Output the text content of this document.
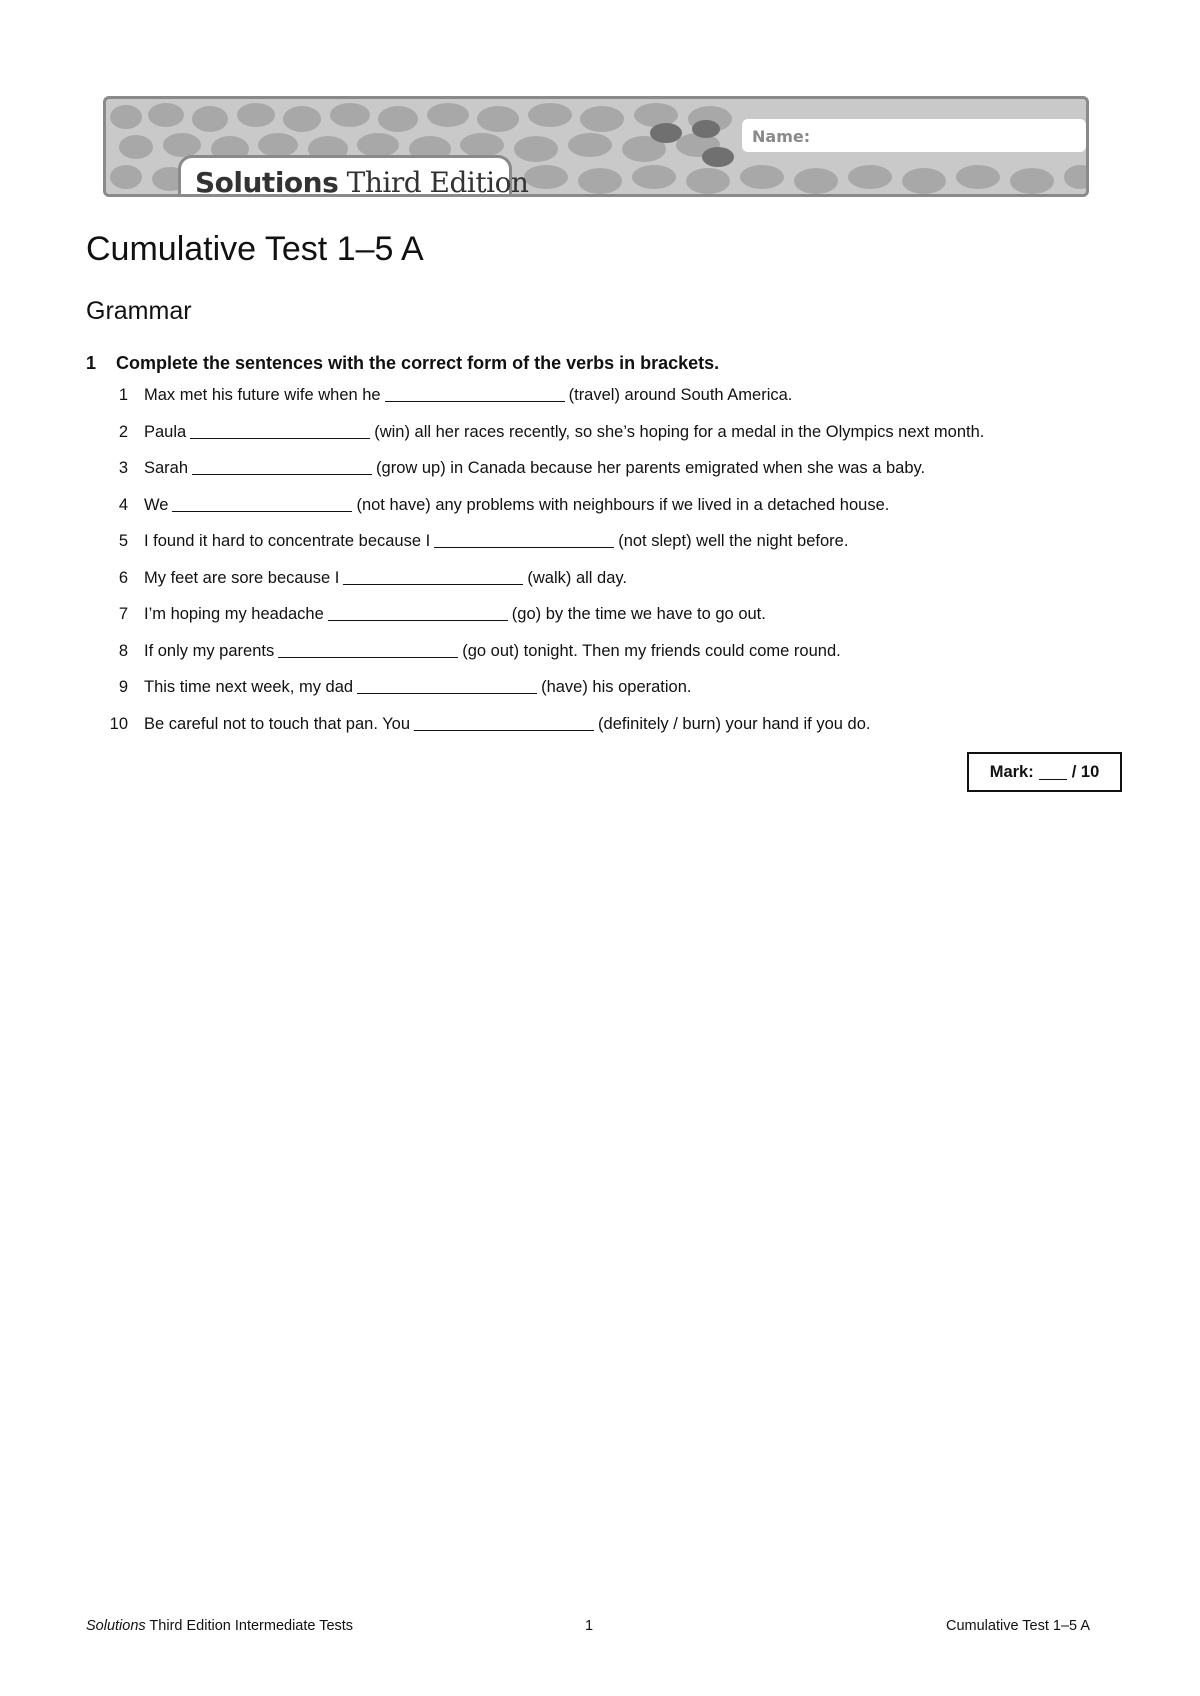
Name:
Solutions Third Edition
Cumulative Test 1–5 A
Grammar
1 Complete the sentences with the correct form of the verbs in brackets.
1 Max met his future wife when he	(travel) around South America.
2 Paula	(win) all her races recently, so she’s hoping for a medal in the Olympics next month.
3 Sarah	(grow up) in Canada because her parents emigrated when she was a baby.
4 We	(not have) any problems with neighbours if we lived in a detached house.
5 I found it hard to concentrate because I	(not slept) well the night before.
6 My feet are sore because I	(walk) all day.
7 I’m hoping my headache	(go) by the time we have to go out.
8 If only my parents	(go out) tonight. Then my friends could come round.
9 This time next week, my dad	(have) his operation.
10 Be careful not to touch that pan. You	(definitely / burn) your hand if you do.
Mark: / 10
Solutions Third Edition Intermediate Tests	1	Cumulative Test 1–5 A
